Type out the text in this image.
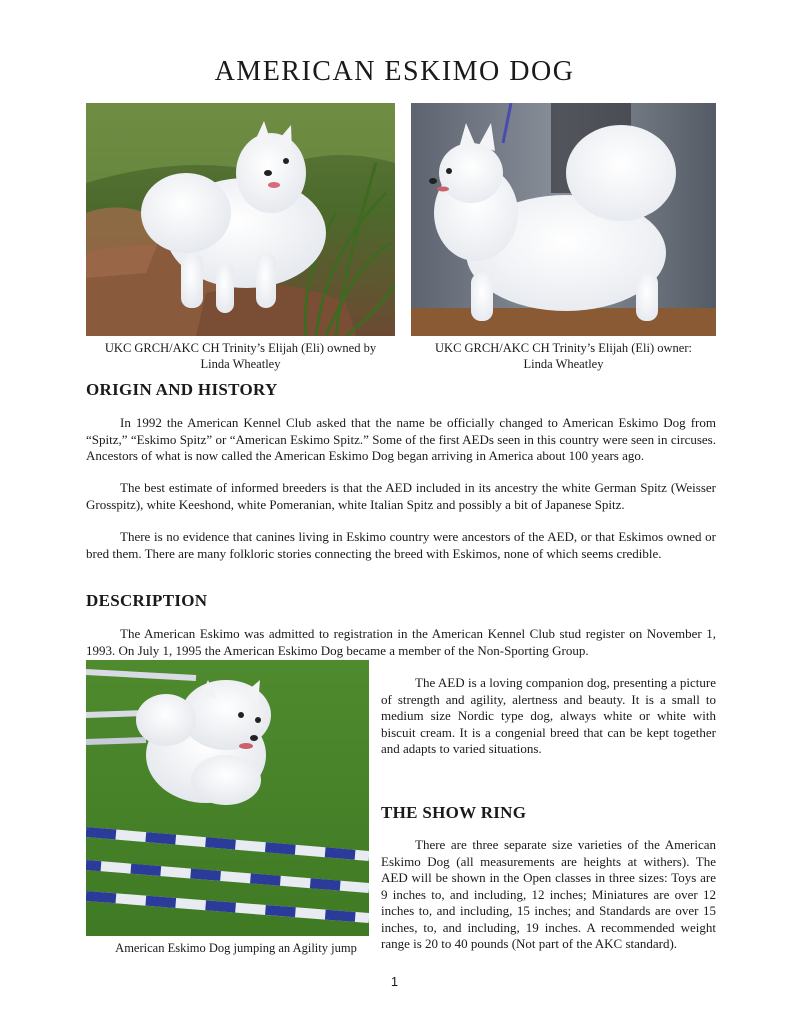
AMERICAN ESKIMO DOG
UKC GRCH/AKC CH Trinity’s Elijah (Eli) owned by
Linda Wheatley
UKC GRCH/AKC CH Trinity’s Elijah (Eli) owner:
Linda Wheatley
ORIGIN AND HISTORY

In 1992 the American Kennel Club asked that the name be officially changed to American Eskimo Dog from “Spitz,” “Eskimo Spitz” or “American Eskimo Spitz.” Some of the first AEDs seen in this country were seen in circuses. Ancestors of what is now called the American Eskimo Dog began arriving in America about 100 years ago.

The best estimate of informed breeders is that the AED included in its ancestry the white German Spitz (Weisser Grosspitz), white Keeshond, white Pomeranian, white Italian Spitz and possibly a bit of Japanese Spitz.

There is no evidence that canines living in Eskimo country were ancestors of the AED, or that Eskimos owned or bred them. There are many folkloric stories connecting the breed with Eskimos, none of which seems credible.

DESCRIPTION

The American Eskimo was admitted to registration in the American Kennel Club stud register on November 1, 1993. On July 1, 1995 the American Eskimo Dog became a member of the Non-Sporting Group.

American Eskimo Dog jumping an Agility jump

The AED is a loving companion dog, presenting a picture of strength and agility, alertness and beauty. It is a small to medium size Nordic type dog, always white or white with biscuit cream. It is a congenial breed that can be kept together and adapts to varied situations.

THE SHOW RING

There are three separate size varieties of the American Eskimo Dog (all measurements are heights at withers). The AED will be shown in the Open classes in three sizes: Toys are 9 inches to, and including, 12 inches; Miniatures are over 12 inches to, and including, 15 inches; and Standards are over 15 inches, to, and including, 19 inches. A recommended weight range is 20 to 40 pounds (Not part of the AKC standard).

1
